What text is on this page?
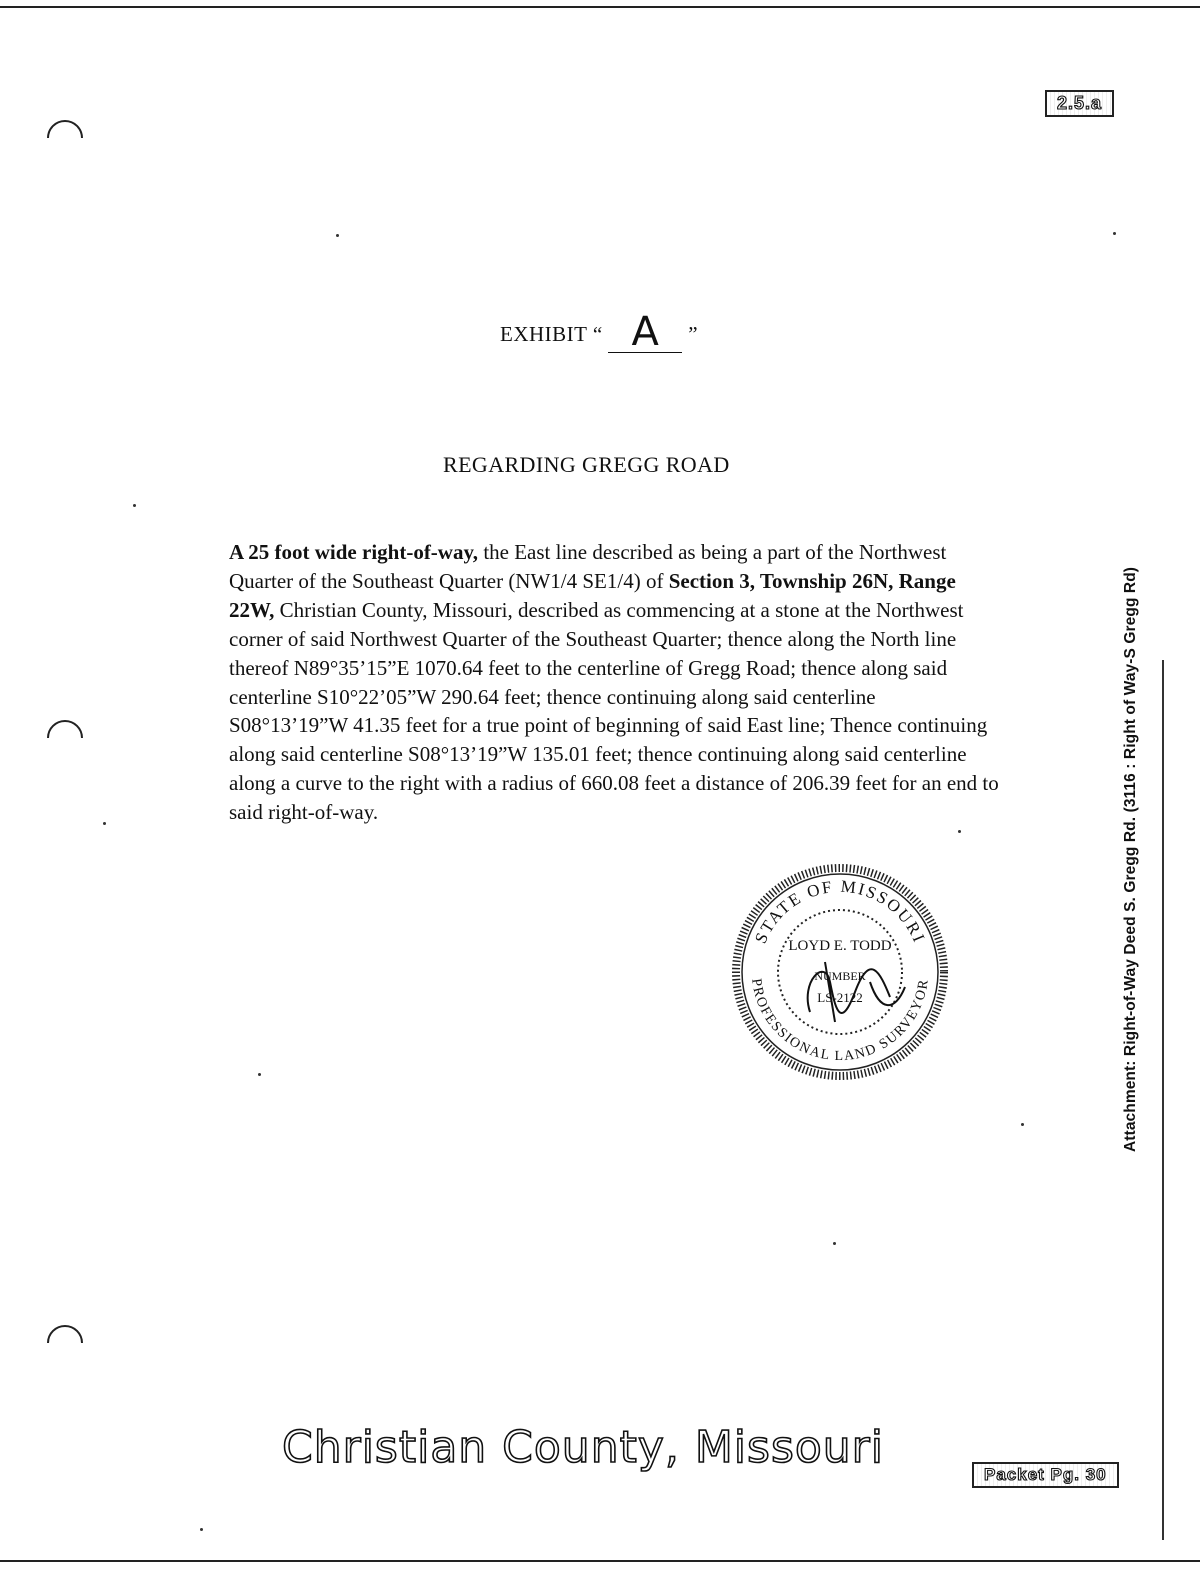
2.5.a
EXHIBIT “ A ”
REGARDING GREGG ROAD

A 25 foot wide right-of-way, the East line described as being a part of the Northwest Quarter of the Southeast Quarter (NW1/4 SE1/4) of Section 3, Township 26N, Range 22W, Christian County, Missouri, described as commencing at a stone at the Northwest corner of said Northwest Quarter of the Southeast Quarter; thence along the North line thereof N89°35’15”E 1070.64 feet to the centerline of Gregg Road; thence along said centerline S10°22’05”W 290.64 feet; thence continuing along said centerline S08°13’19”W 41.35 feet for a true point of beginning of said East line; Thence continuing along said centerline S08°13’19”W 135.01 feet; thence continuing along said centerline along a curve to the right with a radius of 660.08 feet a distance of 206.39 feet for an end to said right-of-way.

STATE OF MISSOURI
PROFESSIONAL LAND SURVEYOR
LOYD E. TODD
NUMBER
LS-2122	Attachment: Right-of-Way Deed S. Gregg Rd. (3116 : Right of Way-S Gregg Rd)
Christian County, Missouri
Packet Pg. 30
